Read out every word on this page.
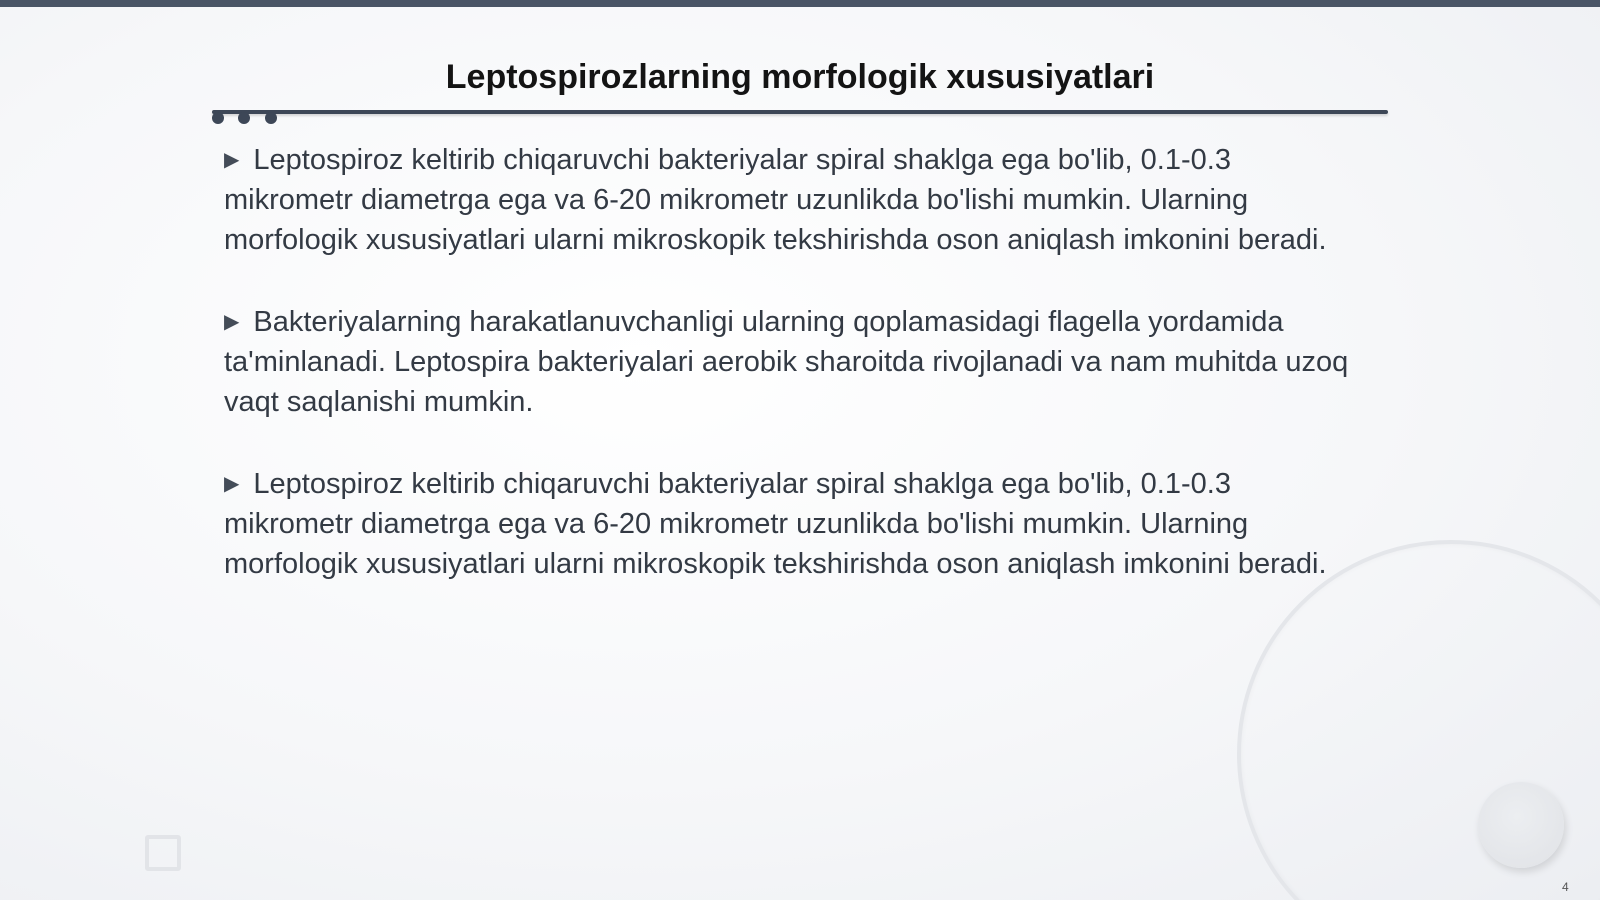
Leptospirozlarning morfologik xususiyatlari
▶ Leptospiroz keltirib chiqaruvchi bakteriyalar spiral shaklga ega bo'lib, 0.1-0.3 mikrometr diametrga ega va 6-20 mikrometr uzunlikda bo'lishi mumkin. Ularning morfologik xususiyatlari ularni mikroskopik tekshirishda oson aniqlash imkonini beradi.
▶ Bakteriyalarning harakatlanuvchanligi ularning qoplamasidagi flagella yordamida ta'minlanadi. Leptospira bakteriyalari aerobik sharoitda rivojlanadi va nam muhitda uzoq vaqt saqlanishi mumkin.
▶ Leptospiroz keltirib chiqaruvchi bakteriyalar spiral shaklga ega bo'lib, 0.1-0.3 mikrometr diametrga ega va 6-20 mikrometr uzunlikda bo'lishi mumkin. Ularning morfologik xususiyatlari ularni mikroskopik tekshirishda oson aniqlash imkonini beradi.
4
